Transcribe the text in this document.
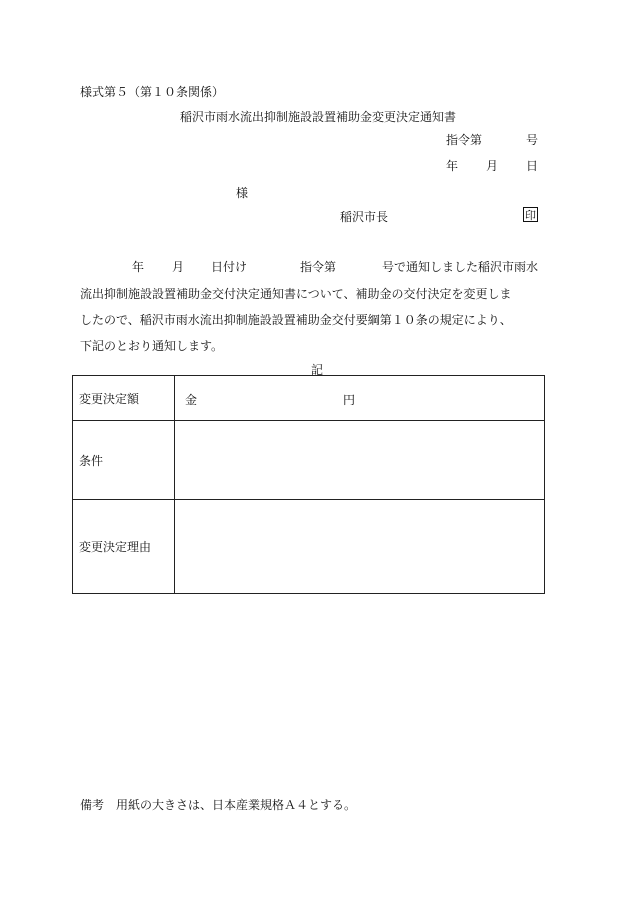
様式第５（第１０条関係）
稲沢市雨水流出抑制施設設置補助金変更決定通知書
指令第	号
年 月 日
様
稲沢市長	印
年 月 日付け	指令第	号で通知しました稲沢市雨水
流出抑制施設設置補助金交付決定通知書について、補助金の交付決定を変更しま
したので、稲沢市雨水流出抑制施設設置補助金交付要綱第１０条の規定により、
下記のとおり通知します。
記
変更決定額	金 円

条件	
変更決定理由	
備考　用紙の大きさは、日本産業規格Ａ４とする。
